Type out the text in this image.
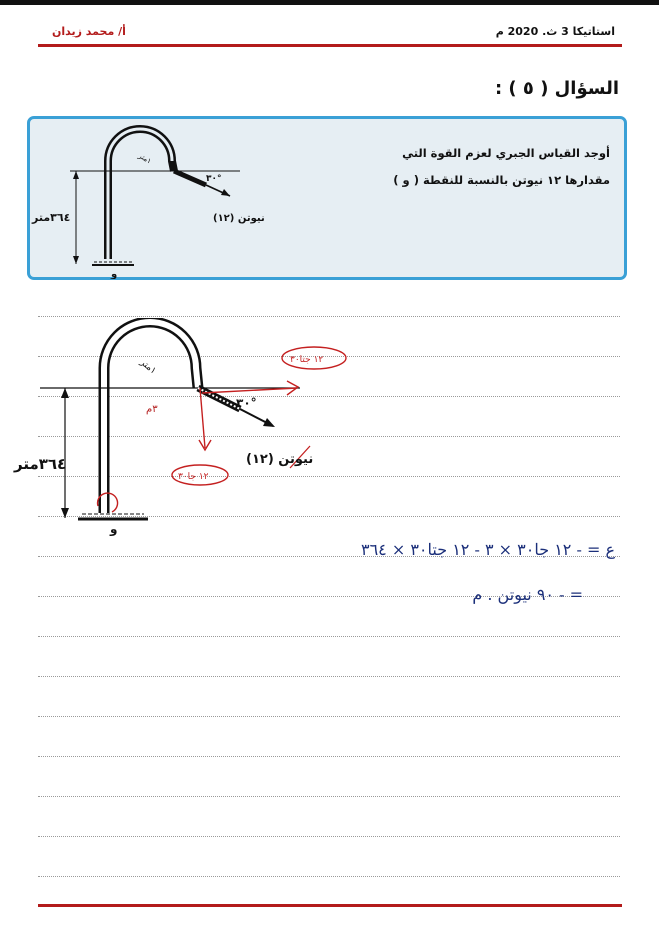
أ/ محمد زيدان	استاتيكا 3 ث. 2020 م
السؤال ( ٥ ) :
أوجد القياس الجبري لعزم القوة التي
مقدارها ١٢ نيوتن بالنسبة للنقطة ( و )
٣٦٤متر
١متر
٣٠°
(١٢) نيوتن
و
٣٦٤متر
١متر
٣م	٣٠°
(١٢) نيوتن
و
١٢ جتا٣٠
١٢ جا٣٠
ع = - ١٢ جا٣٠ × ٣ - ١٢ جتا٣٠ × ٣٦٤
= - ٩٠ نيوتن . م
